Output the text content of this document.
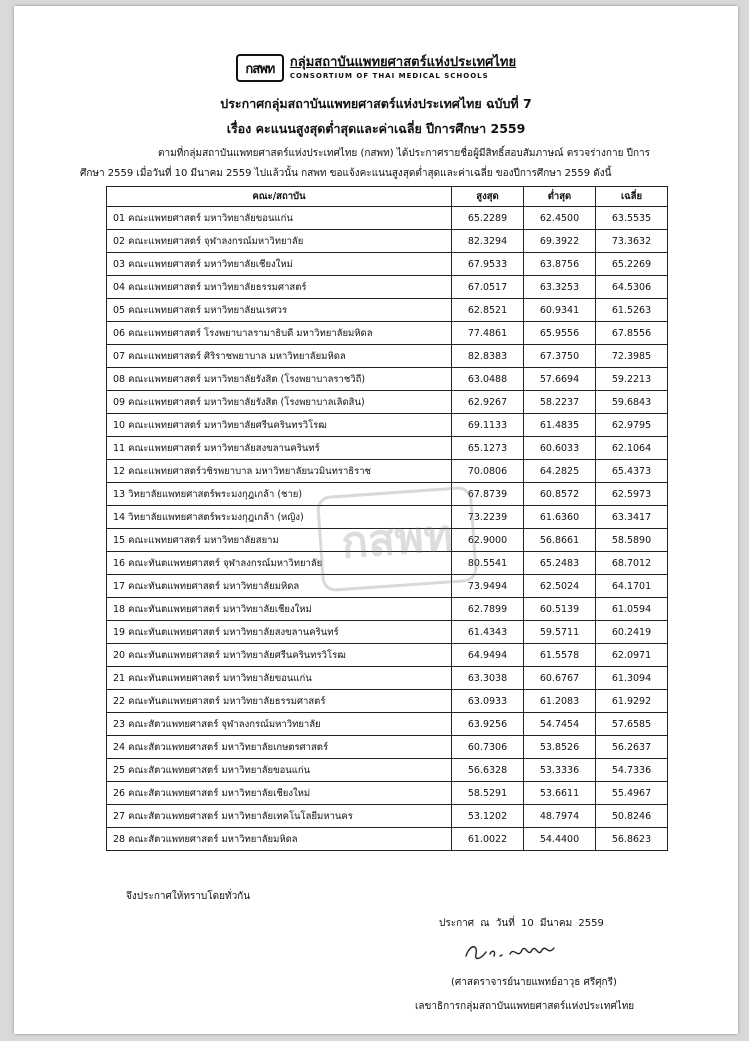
กสพท	กลุ่มสถาบันแพทยศาสตร์แห่งประเทศไทย
CONSORTIUM OF THAI MEDICAL SCHOOLS
ประกาศกลุ่มสถาบันแพทยศาสตร์แห่งประเทศไทย ฉบับที่ 7
เรื่อง คะแนนสูงสุดต่ำสุดและค่าเฉลี่ย ปีการศึกษา 2559
ตามที่กลุ่มสถาบันแพทยศาสตร์แห่งประเทศไทย (กสพท) ได้ประกาศรายชื่อผู้มีสิทธิ์สอบสัมภาษณ์ ตรวจร่างกาย ปีการศึกษา 2559 เมื่อวันที่ 10 มีนาคม 2559 ไปแล้วนั้น กสพท ขอแจ้งคะแนนสูงสุดต่ำสุดและค่าเฉลี่ย ของปีการศึกษา 2559 ดังนี้
คณะ/สถาบัน	สูงสุด	ต่ำสุด	เฉลี่ย
01 คณะแพทยศาสตร์ มหาวิทยาลัยขอนแก่น	65.2289	62.4500	63.5535
02 คณะแพทยศาสตร์ จุฬาลงกรณ์มหาวิทยาลัย	82.3294	69.3922	73.3632
03 คณะแพทยศาสตร์ มหาวิทยาลัยเชียงใหม่	67.9533	63.8756	65.2269
04 คณะแพทยศาสตร์ มหาวิทยาลัยธรรมศาสตร์	67.0517	63.3253	64.5306
05 คณะแพทยศาสตร์ มหาวิทยาลัยนเรศวร	62.8521	60.9341	61.5263
06 คณะแพทยศาสตร์ โรงพยาบาลรามาธิบดี มหาวิทยาลัยมหิดล	77.4861	65.9556	67.8556
07 คณะแพทยศาสตร์ ศิริราชพยาบาล มหาวิทยาลัยมหิดล	82.8383	67.3750	72.3985
08 คณะแพทยศาสตร์ มหาวิทยาลัยรังสิต (โรงพยาบาลราชวิถี)	63.0488	57.6694	59.2213
09 คณะแพทยศาสตร์ มหาวิทยาลัยรังสิต (โรงพยาบาลเลิดสิน)	62.9267	58.2237	59.6843
10 คณะแพทยศาสตร์ มหาวิทยาลัยศรีนครินทรวิโรฒ	69.1133	61.4835	62.9795
11 คณะแพทยศาสตร์ มหาวิทยาลัยสงขลานครินทร์	65.1273	60.6033	62.1064
12 คณะแพทยศาสตร์วชิรพยาบาล มหาวิทยาลัยนวมินทราธิราช	70.0806	64.2825	65.4373
13 วิทยาลัยแพทยศาสตร์พระมงกุฎเกล้า (ชาย)	67.8739	60.8572	62.5973
14 วิทยาลัยแพทยศาสตร์พระมงกุฎเกล้า (หญิง)	73.2239	61.6360	63.3417
15 คณะแพทยศาสตร์ มหาวิทยาลัยสยาม	62.9000	56.8661	58.5890
16 คณะทันตแพทยศาสตร์ จุฬาลงกรณ์มหาวิทยาลัย	80.5541	65.2483	68.7012
17 คณะทันตแพทยศาสตร์ มหาวิทยาลัยมหิดล	73.9494	62.5024	64.1701
18 คณะทันตแพทยศาสตร์ มหาวิทยาลัยเชียงใหม่	62.7899	60.5139	61.0594
19 คณะทันตแพทยศาสตร์ มหาวิทยาลัยสงขลานครินทร์	61.4343	59.5711	60.2419
20 คณะทันตแพทยศาสตร์ มหาวิทยาลัยศรีนครินทรวิโรฒ	64.9494	61.5578	62.0971
21 คณะทันตแพทยศาสตร์ มหาวิทยาลัยขอนแก่น	63.3038	60.6767	61.3094
22 คณะทันตแพทยศาสตร์ มหาวิทยาลัยธรรมศาสตร์	63.0933	61.2083	61.9292
23 คณะสัตวแพทยศาสตร์ จุฬาลงกรณ์มหาวิทยาลัย	63.9256	54.7454	57.6585
24 คณะสัตวแพทยศาสตร์ มหาวิทยาลัยเกษตรศาสตร์	60.7306	53.8526	56.2637
25 คณะสัตวแพทยศาสตร์ มหาวิทยาลัยขอนแก่น	56.6328	53.3336	54.7336
26 คณะสัตวแพทยศาสตร์ มหาวิทยาลัยเชียงใหม่	58.5291	53.6611	55.4967
27 คณะสัตวแพทยศาสตร์ มหาวิทยาลัยเทคโนโลยีมหานคร	53.1202	48.7974	50.8246
28 คณะสัตวแพทยศาสตร์ มหาวิทยาลัยมหิดล	61.0022	54.4400	56.8623
กสพท
จึงประกาศให้ทราบโดยทั่วกัน
ประกาศ ณ วันที่ 10 มีนาคม 2559
(ศาสตราจารย์นายแพทย์อาวุธ ศรีศุกรี)
เลขาธิการกลุ่มสถาบันแพทยศาสตร์แห่งประเทศไทย
